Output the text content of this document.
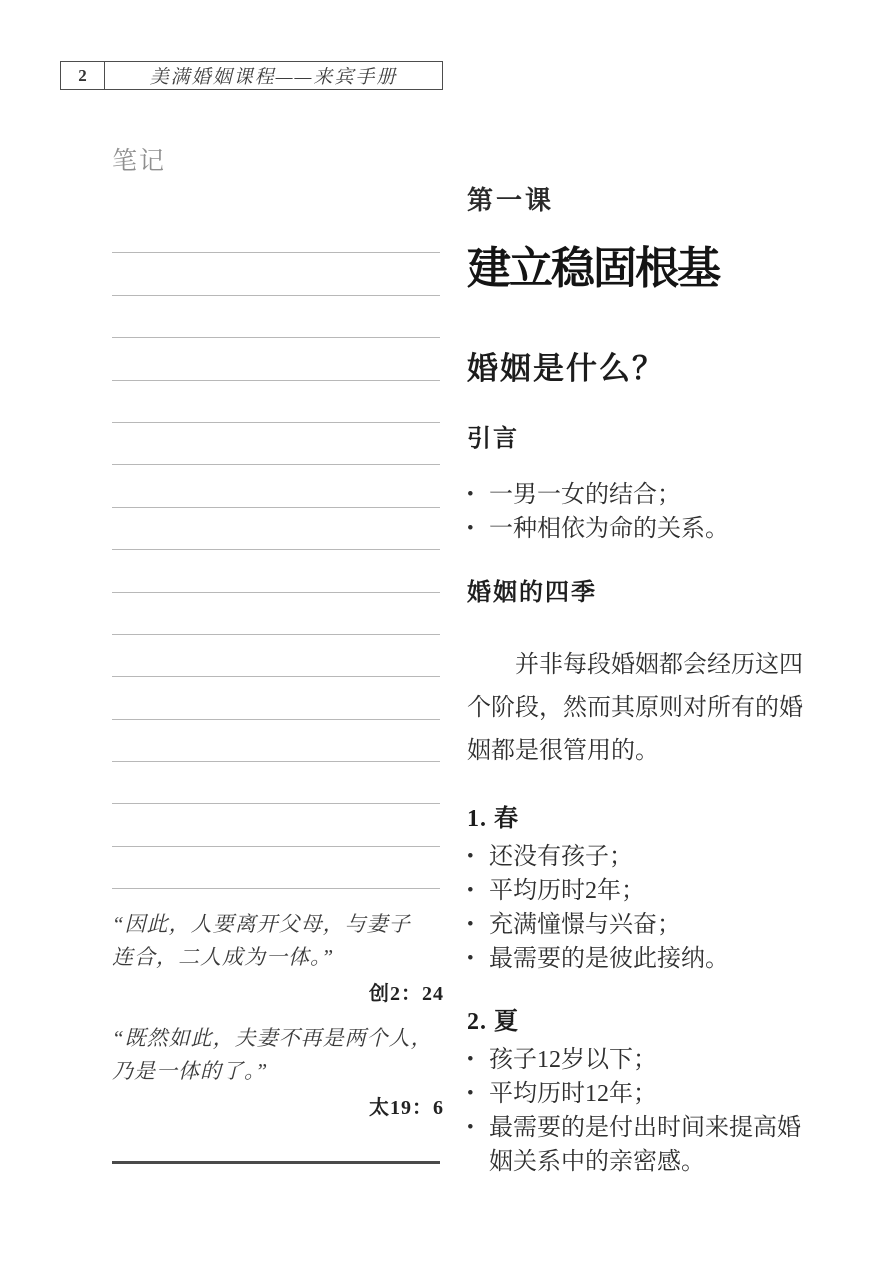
2	美满婚姻课程——来宾手册
笔记
“因此，人要离开父母，与妻子
连合，二人成为一体。”
创2：24
“既然如此，夫妻不再是两个人，
乃是一体的了。”
太19：6
第一课
建立稳固根基
婚姻是什么？
引言
• 一男一女的结合；
• 一种相依为命的关系。
婚姻的四季

并非每段婚姻都会经历这四个阶段，然而其原则对所有的婚姻都是很管用的。

1. 春
• 还没有孩子；
• 平均历时2年；
• 充满憧憬与兴奋；
• 最需要的是彼此接纳。
2. 夏
• 孩子12岁以下；
• 平均历时12年；
• 最需要的是付出时间来提高婚姻关系中的亲密感。
